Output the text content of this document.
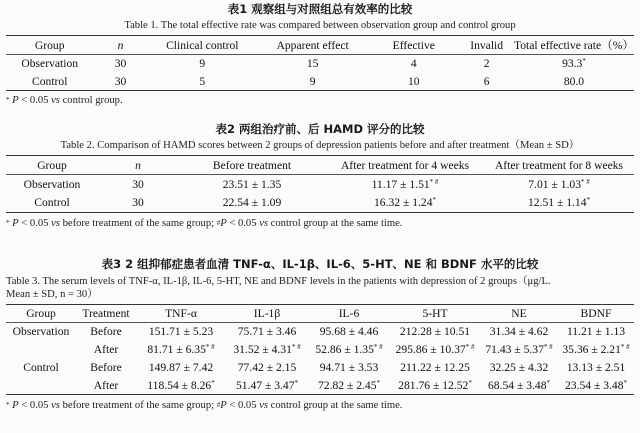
表1 观察组与对照组总有效率的比较
Table 1. The total effective rate was compared between observation group and control group
Group	n	Clinical control	Apparent effect	Effective	Invalid	Total effective rate（%）
Observation	30	9	15	4	2	93.3*
Control	30	5	9	10	6	80.0
* P < 0.05 vs control group.
表2 两组治疗前、后 HAMD 评分的比较
Table 2. Comparison of HAMD scores between 2 groups of depression patients before and after treatment（Mean ± SD）
Group	n	Before treatment	After treatment for 4 weeks	After treatment for 8 weeks
Observation	30	23.51 ± 1.35	11.17 ± 1.51* #	7.01 ± 1.03* #
Control	30	22.54 ± 1.09	16.32 ± 1.24*	12.51 ± 1.14*
* P < 0.05 vs before treatment of the same group; #P < 0.05 vs control group at the same time.
表3 2 组抑郁症患者血清 TNF-α、IL-1β、IL-6、5-HT、NE 和 BDNF 水平的比较
Table 3. The serum levels of TNF-α, IL-1β, IL-6, 5-HT, NE and BDNF levels in the patients with depression of 2 groups（μg/L.
Mean ± SD, n = 30）
Group	Treatment	TNF-α	IL-1β	IL-6	5-HT	NE	BDNF
Observation	Before	151.71 ± 5.23	75.71 ± 3.46	95.68 ± 4.46	212.28 ± 10.51	31.34 ± 4.62	11.21 ± 1.13
	After	81.71 ± 6.35* #	31.52 ± 4.31* #	52.86 ± 1.35* #	295.86 ± 10.37* #	71.43 ± 5.37* #	35.36 ± 2.21* #
Control	Before	149.87 ± 7.42	77.42 ± 2.15	94.71 ± 3.53	211.22 ± 12.25	32.25 ± 4.32	13.13 ± 2.51
	After	118.54 ± 8.26*	51.47 ± 3.47*	72.82 ± 2.45*	281.76 ± 12.52*	68.54 ± 3.48*	23.54 ± 3.48*
* P < 0.05 vs before treatment of the same group; #P < 0.05 vs control group at the same time.
